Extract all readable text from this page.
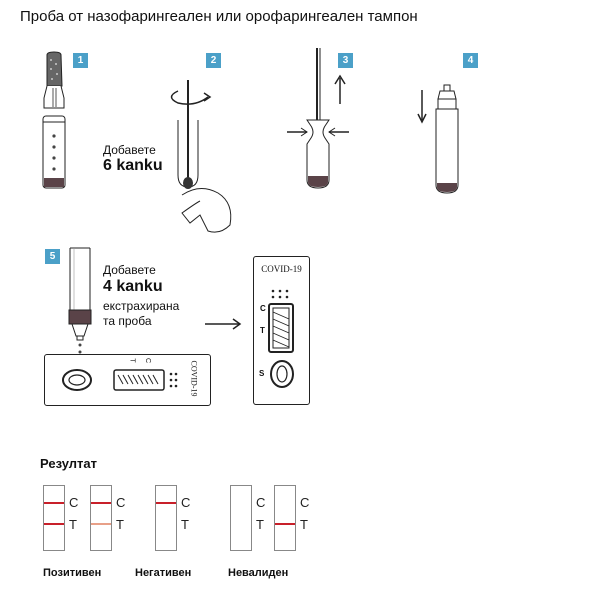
Проба от назофарингеален или орофарингеален тампон
1	2	3	4
5
Добавете
6 kanku
Добавете
4 kanku
екстрахирана
та проба
T C	COVID-19
COVID-19
C
T
S
Резултат
C
T
C
T
C
T
C
T
C
T
Позитивен	Негативен	Невалиден
